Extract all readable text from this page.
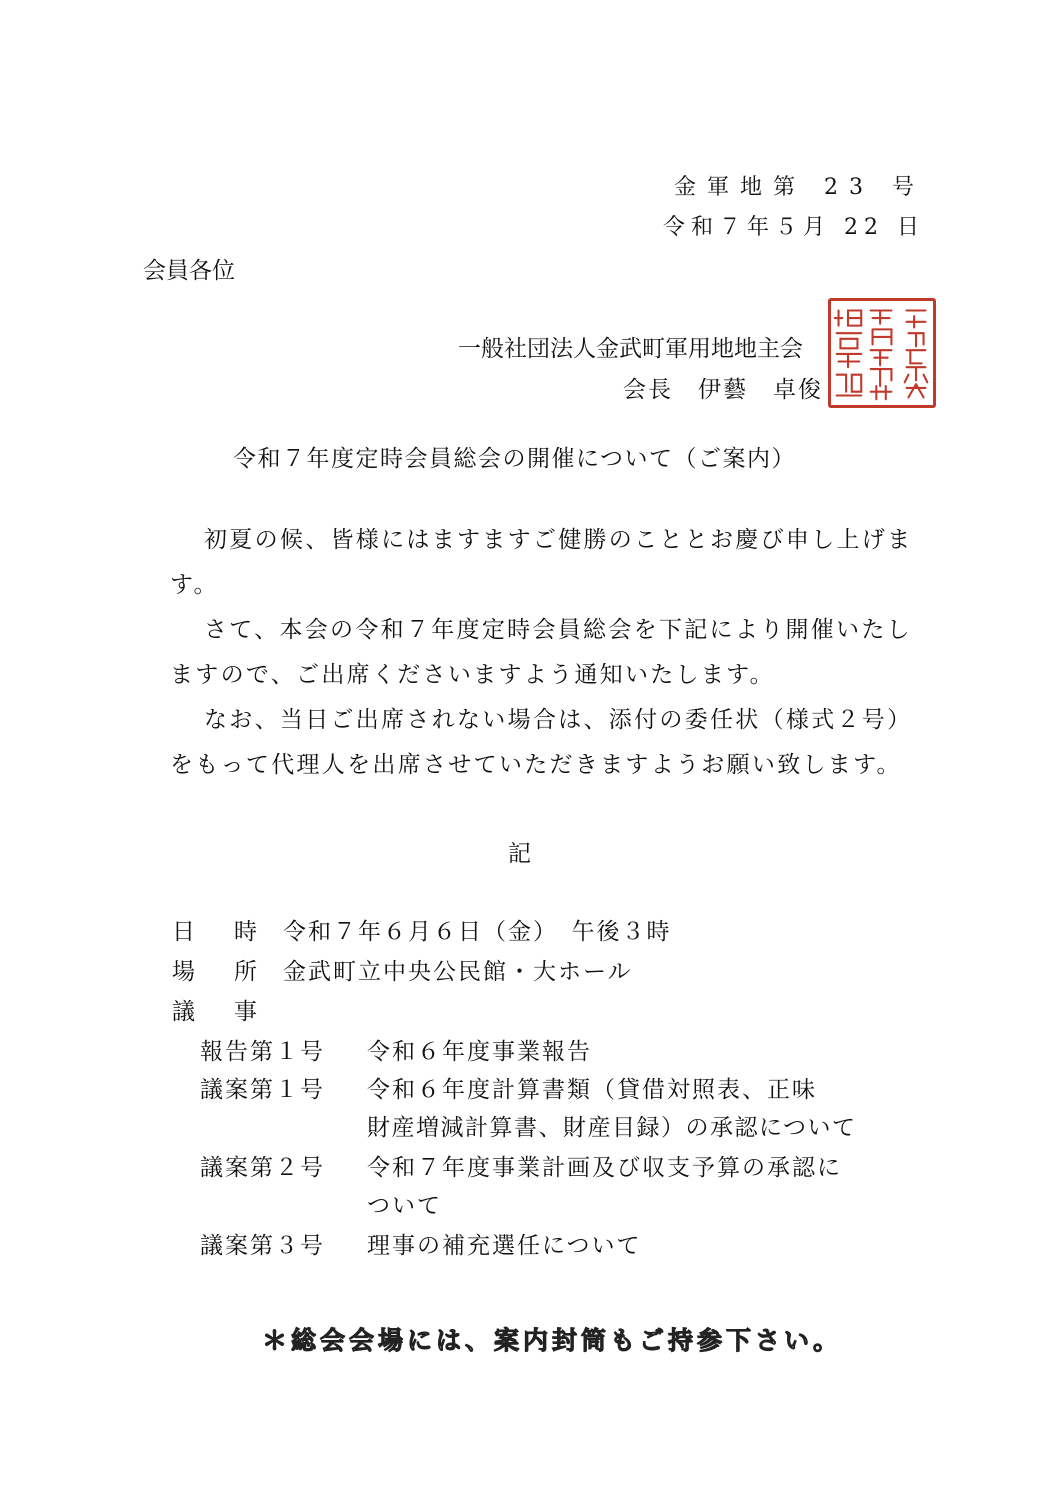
金軍地第 23 号
令和７年５月 22 日
会員各位
一般社団法人金武町軍用地地主会
会長　伊藝　卓俊
令和７年度定時会員総会の開催について（ご案内）
初夏の候、皆様にはますますご健勝のこととお慶び申し上げます。
さて、本会の令和７年度定時会員総会を下記により開催いたしますので、ご出席くださいますよう通知いたします。
なお、当日ご出席されない場合は、添付の委任状（様式２号）をもって代理人を出席させていただきますようお願い致します。
記
日　時 令和７年６月６日（金）　午後３時
場　所 金武町立中央公民館・大ホール
議　事
報告第１号 令和６年度事業報告
議案第１号 令和６年度計算書類（貸借対照表、正味
財産増減計算書、財産目録）の承認について
議案第２号 令和７年度事業計画及び収支予算の承認に
ついて
議案第３号 理事の補充選任について
＊総会会場には、案内封筒もご持参下さい。
